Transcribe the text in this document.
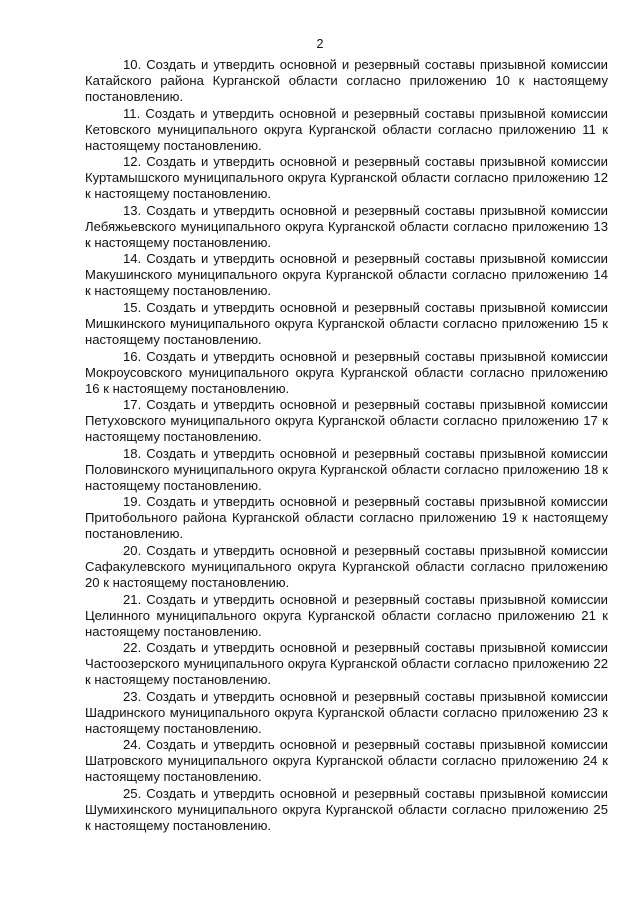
2

10. Создать и утвердить основной и резервный составы призывной комиссии Катайского района Курганской области согласно приложению 10 к настоящему постановлению.

11. Создать и утвердить основной и резервный составы призывной комиссии Кетовского муниципального округа Курганской области согласно приложению 11 к настоящему постановлению.

12. Создать и утвердить основной и резервный составы призывной комиссии Куртамышского муниципального округа Курганской области согласно приложению 12 к настоящему постановлению.

13. Создать и утвердить основной и резервный составы призывной комиссии Лебяжьевского муниципального округа Курганской области согласно приложению 13 к настоящему постановлению.

14. Создать и утвердить основной и резервный составы призывной комиссии Макушинского муниципального округа Курганской области согласно приложению 14 к настоящему постановлению.

15. Создать и утвердить основной и резервный составы призывной комиссии Мишкинского муниципального округа Курганской области согласно приложению 15 к настоящему постановлению.

16. Создать и утвердить основной и резервный составы призывной комиссии Мокроусовского муниципального округа Курганской области согласно приложению 16 к настоящему постановлению.

17. Создать и утвердить основной и резервный составы призывной комиссии Петуховского муниципального округа Курганской области согласно приложению 17 к настоящему постановлению.

18. Создать и утвердить основной и резервный составы призывной комиссии Половинского муниципального округа Курганской области согласно приложению 18 к настоящему постановлению.

19. Создать и утвердить основной и резервный составы призывной комиссии Притобольного района Курганской области согласно приложению 19 к настоящему постановлению.

20. Создать и утвердить основной и резервный составы призывной комиссии Сафакулевского муниципального округа Курганской области согласно приложению 20 к настоящему постановлению.

21. Создать и утвердить основной и резервный составы призывной комиссии Целинного муниципального округа Курганской области согласно приложению 21 к настоящему постановлению.

22. Создать и утвердить основной и резервный составы призывной комиссии Частоозерского муниципального округа Курганской области согласно приложению 22 к настоящему постановлению.

23. Создать и утвердить основной и резервный составы призывной комиссии Шадринского муниципального округа Курганской области согласно приложению 23 к настоящему постановлению.

24. Создать и утвердить основной и резервный составы призывной комиссии Шатровского муниципального округа Курганской области согласно приложению 24 к настоящему постановлению.

25. Создать и утвердить основной и резервный составы призывной комиссии Шумихинского муниципального округа Курганской области согласно приложению 25 к настоящему постановлению.
